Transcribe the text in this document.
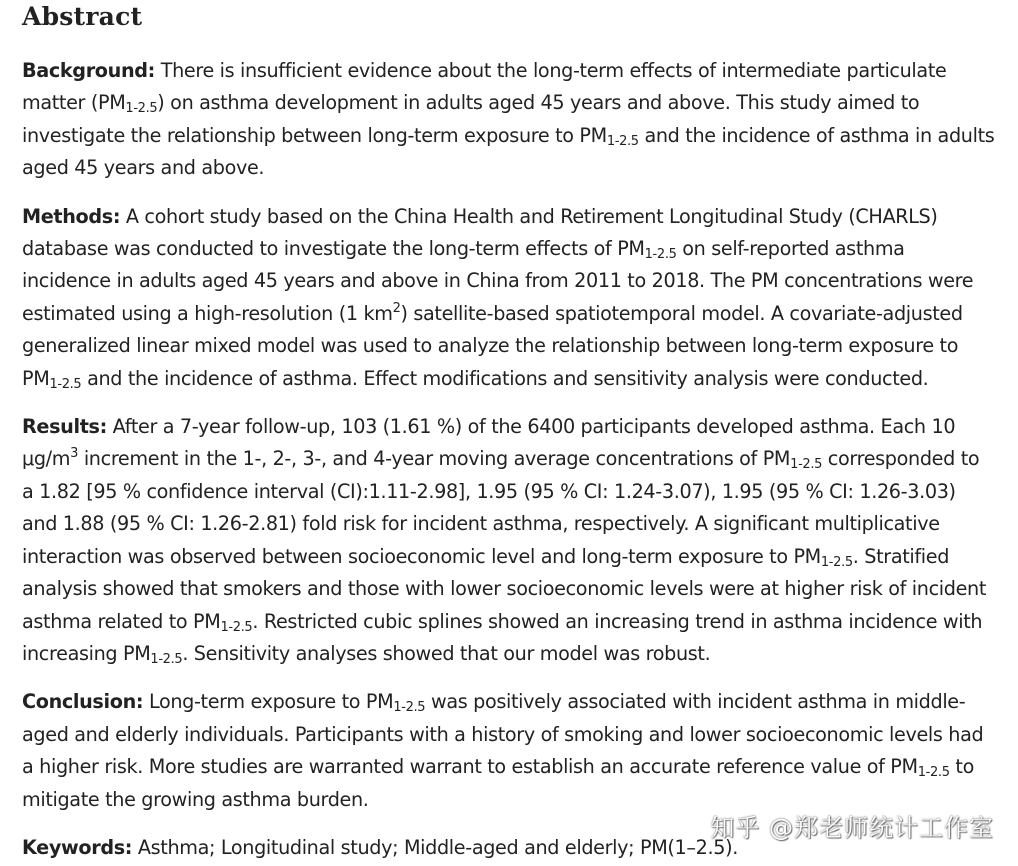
Abstract

Background: There is insufficient evidence about the long-term effects of intermediate particulate matter $(PM_{1-2.5})$ on asthma development in adults aged 45 years and above. This study aimed to investigate the relationship between long-term exposure to $PM_{1-2.5}$ and the incidence of asthma in adults aged 45 years and above.

Methods: A cohort study based on the China Health and Retirement Longitudinal Study (CHARLS) database was conducted to investigate the long-term effects of $PM_{1-2.5}$ on self-reported asthma incidence in adults aged 45 years and above in China from 2011 to 2018. The PM concentrations were estimated using a high-resolution (1 $km^2$) satellite-based spatiotemporal model. A covariate-adjusted generalized linear mixed model was used to analyze the relationship between long-term exposure to $PM_{1-2.5}$ and the incidence of asthma. Effect modifications and sensitivity analysis were conducted.

Results: After a 7-year follow-up, 103 (1.61 %) of the 6400 participants developed asthma. Each 10 $\mu g/m^3$ increment in the 1-, 2-, 3-, and 4-year moving average concentrations of $PM_{1-2.5}$ corresponded to a 1.82 [95 % confidence interval (CI):1.11-2.98], 1.95 (95 % CI: 1.24-3.07), 1.95 (95 % CI: 1.26-3.03) and 1.88 (95 % CI: 1.26-2.81) fold risk for incident asthma, respectively. A significant multiplicative interaction was observed between socioeconomic level and long-term exposure to $PM_{1-2.5}$. Stratified analysis showed that smokers and those with lower socioeconomic levels were at higher risk of incident asthma related to $PM_{1-2.5}$. Restricted cubic splines showed an increasing trend in asthma incidence with increasing $PM_{1-2.5}$. Sensitivity analyses showed that our model was robust.

Conclusion: Long-term exposure to $PM_{1-2.5}$ was positively associated with incident asthma in middle-aged and elderly individuals. Participants with a history of smoking and lower socioeconomic levels had a higher risk. More studies are warranted warrant to establish an accurate reference value of $PM_{1-2.5}$ to mitigate the growing asthma burden.

Keywords: Asthma; Longitudinal study; Middle-aged and elderly; PM(1–2.5).

知乎 @郑老师统计工作室
